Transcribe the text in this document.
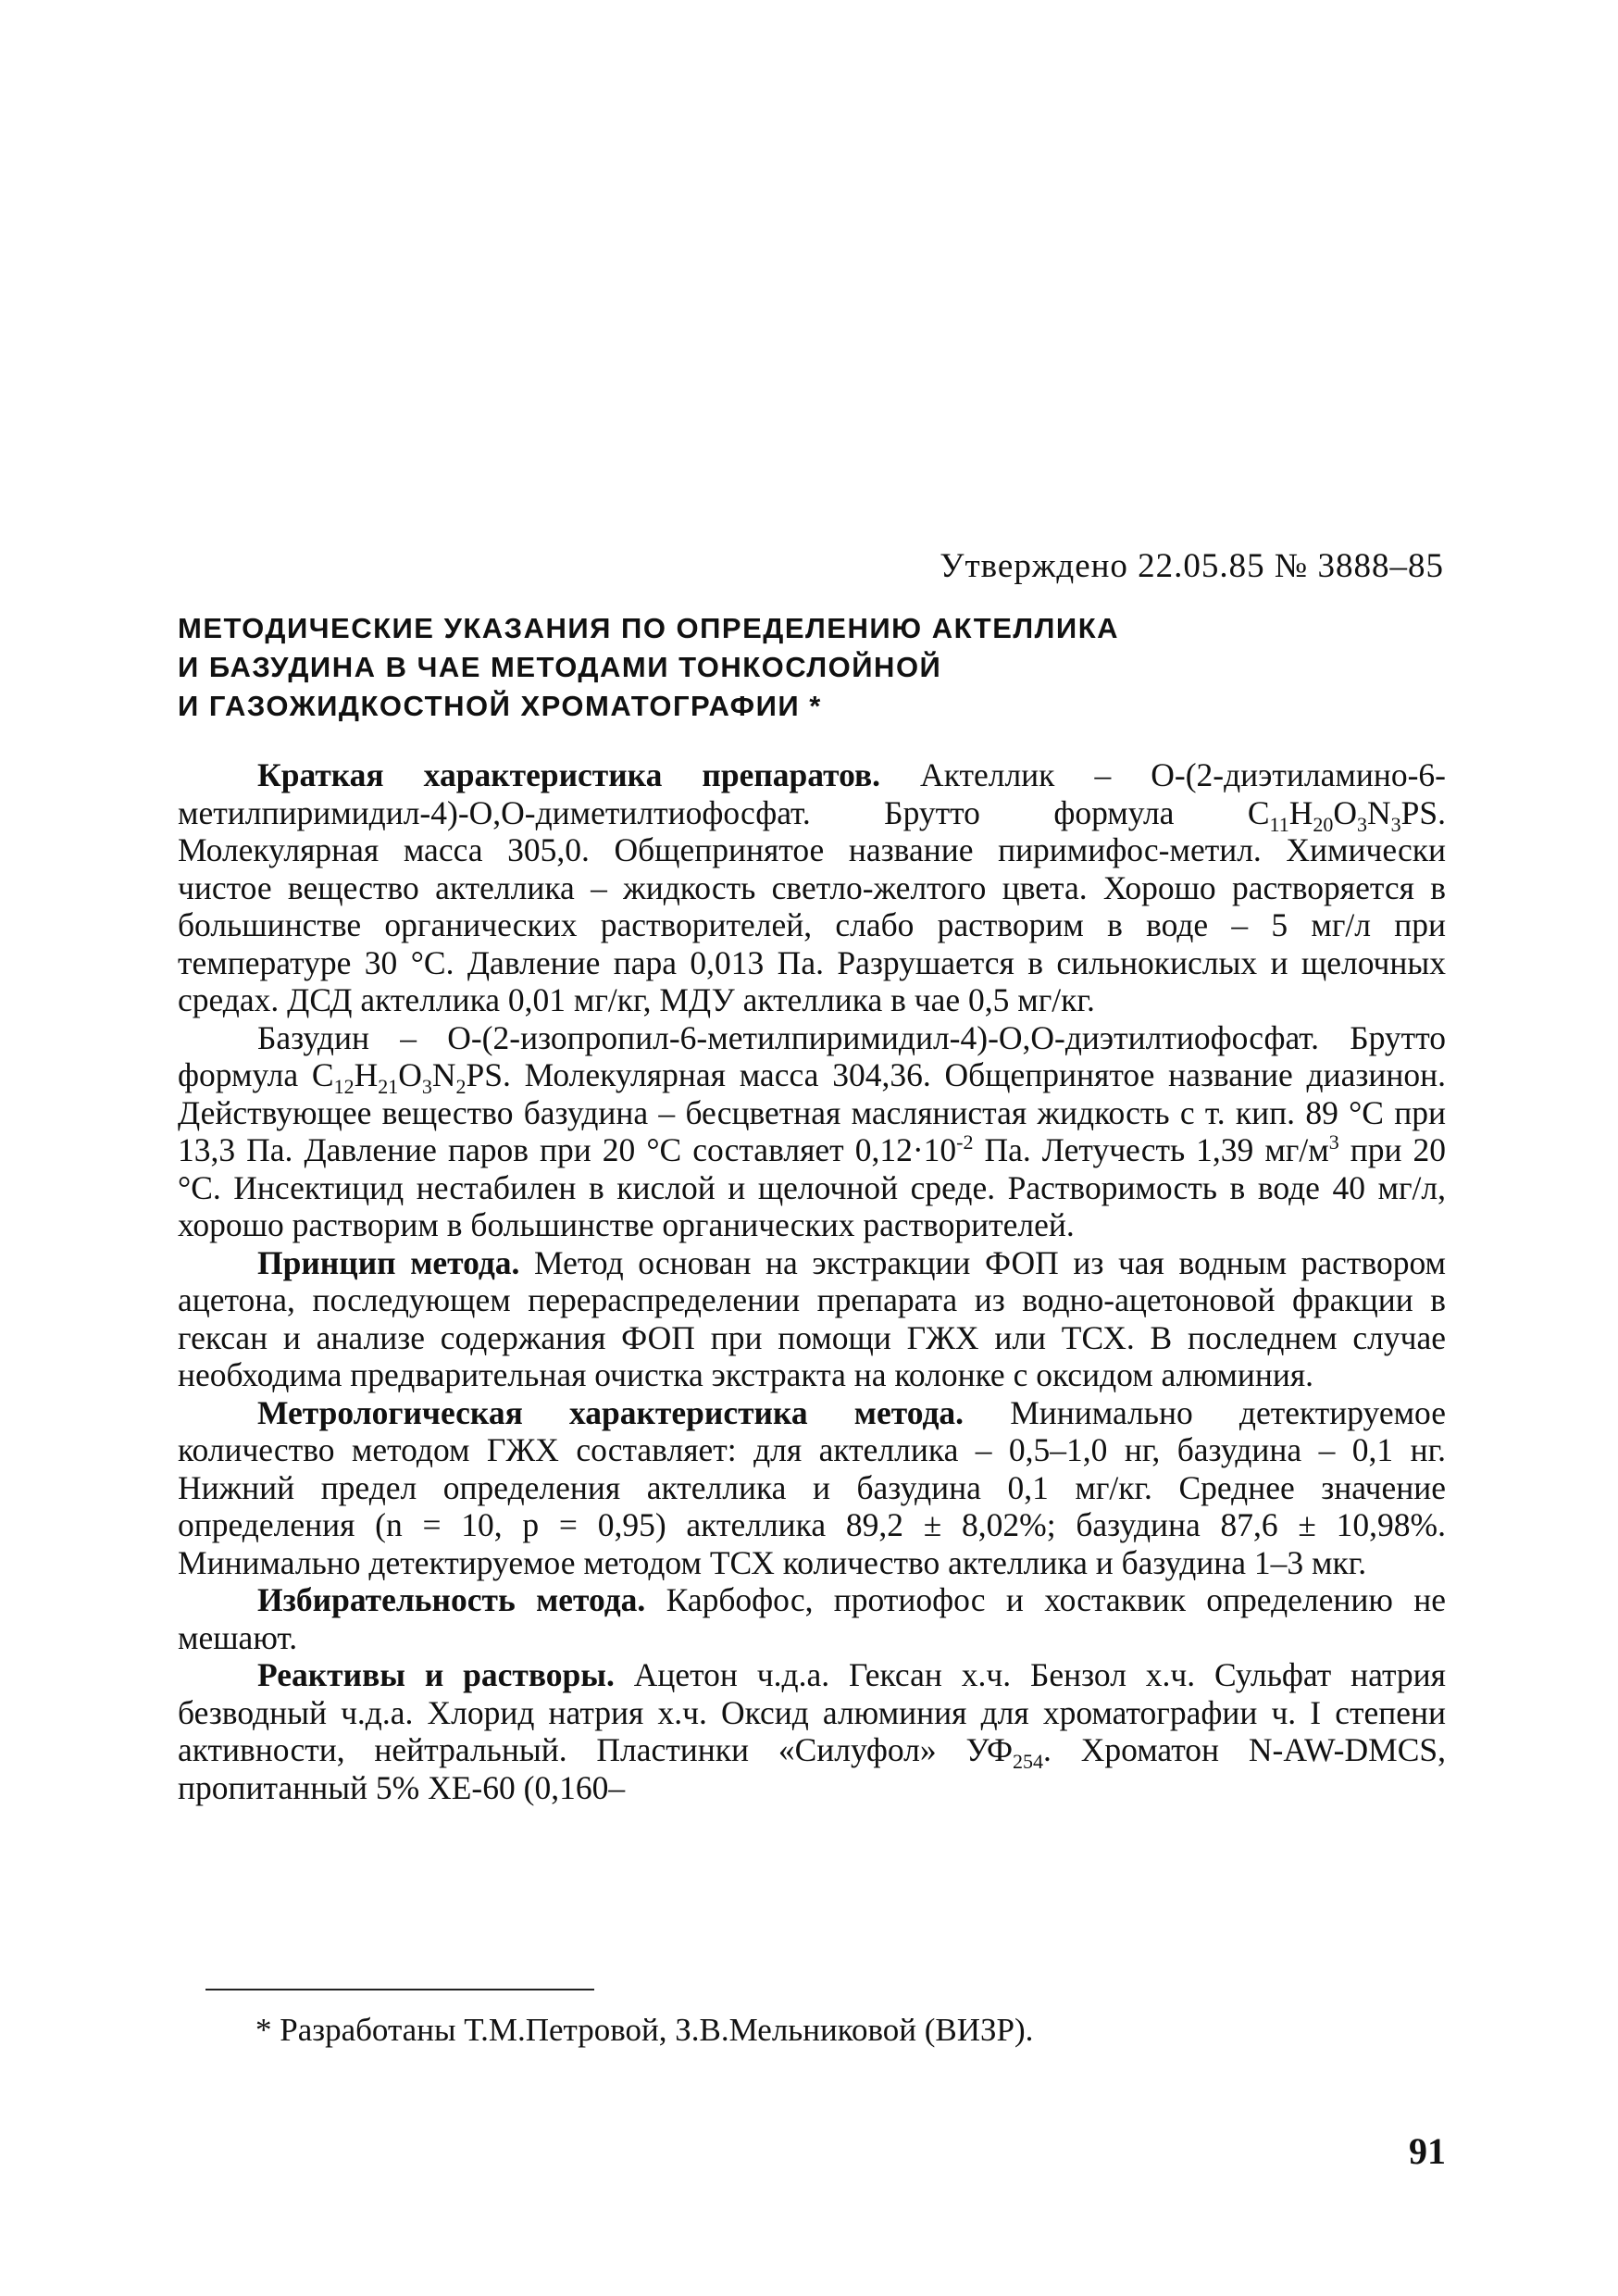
Утверждено 22.05.85 № 3888–85
МЕТОДИЧЕСКИЕ УКАЗАНИЯ ПО ОПРЕДЕЛЕНИЮ АКТЕЛЛИКА
И БАЗУДИНА В ЧАЕ МЕТОДАМИ ТОНКОСЛОЙНОЙ
И ГАЗОЖИДКОСТНОЙ ХРОМАТОГРАФИИ *

Краткая характеристика препаратов. Актеллик – О-(2-диэтиламино-6-метилпиримидил-4)-О,О-диметилтиофосфат. Брутто формула $С_{11}Н_{20}О_3N_3PS$. Молекулярная масса 305,0. Общепринятое название пиримифос-метил. Химически чистое вещество актеллика – жидкость светло-желтого цвета. Хорошо растворяется в большинстве органических растворителей, слабо растворим в воде – 5 мг/л при температуре 30 °С. Давление пара 0,013 Па. Разрушается в сильнокислых и щелочных средах. ДСД актеллика 0,01 мг/кг, МДУ актеллика в чае 0,5 мг/кг.

Базудин – О-(2-изопропил-6-метилпиримидил-4)-О,О-диэтилтиофосфат. Брутто формула $С_{12}Н_{21}О_3N_2PS$. Молекулярная масса 304,36. Общепринятое название диазинон. Действующее вещество базудина – бесцветная маслянистая жидкость с т. кип. 89 °С при 13,3 Па. Давление паров при 20 °С составляет $0,12\cdot 10^{-2}$ Па. Летучесть 1,39 $мг/м^3$ при 20 °С. Инсектицид нестабилен в кислой и щелочной среде. Растворимость в воде 40 мг/л, хорошо растворим в большинстве органических растворителей.

Принцип метода. Метод основан на экстракции ФОП из чая водным раствором ацетона, последующем перераспределении препарата из водно-ацетоновой фракции в гексан и анализе содержания ФОП при помощи ГЖХ или ТСХ. В последнем случае необходима предварительная очистка экстракта на колонке с оксидом алюминия.

Метрологическая характеристика метода. Минимально детектируемое количество методом ГЖХ составляет: для актеллика – 0,5–1,0 нг, базудина – 0,1 нг. Нижний предел определения актеллика и базудина 0,1 мг/кг. Среднее значение определения (n = 10, p = 0,95) актеллика 89,2 ± 8,02%; базудина 87,6 ± 10,98%. Минимально детектируемое методом ТСХ количество актеллика и базудина 1–3 мкг.

Избирательность метода. Карбофос, протиофос и хостаквик определению не мешают.

Реактивы и растворы. Ацетон ч.д.а. Гексан х.ч. Бензол х.ч. Сульфат натрия безводный ч.д.а. Хлорид натрия х.ч. Оксид алюминия для хроматографии ч. I степени активности, нейтральный. Пластинки «Силуфол» $УФ_{254}$. Хроматон N-AW-DMCS, пропитанный 5% ХЕ-60 (0,160–

* Разработаны Т.М.Петровой, З.В.Мельниковой (ВИЗР).
91
